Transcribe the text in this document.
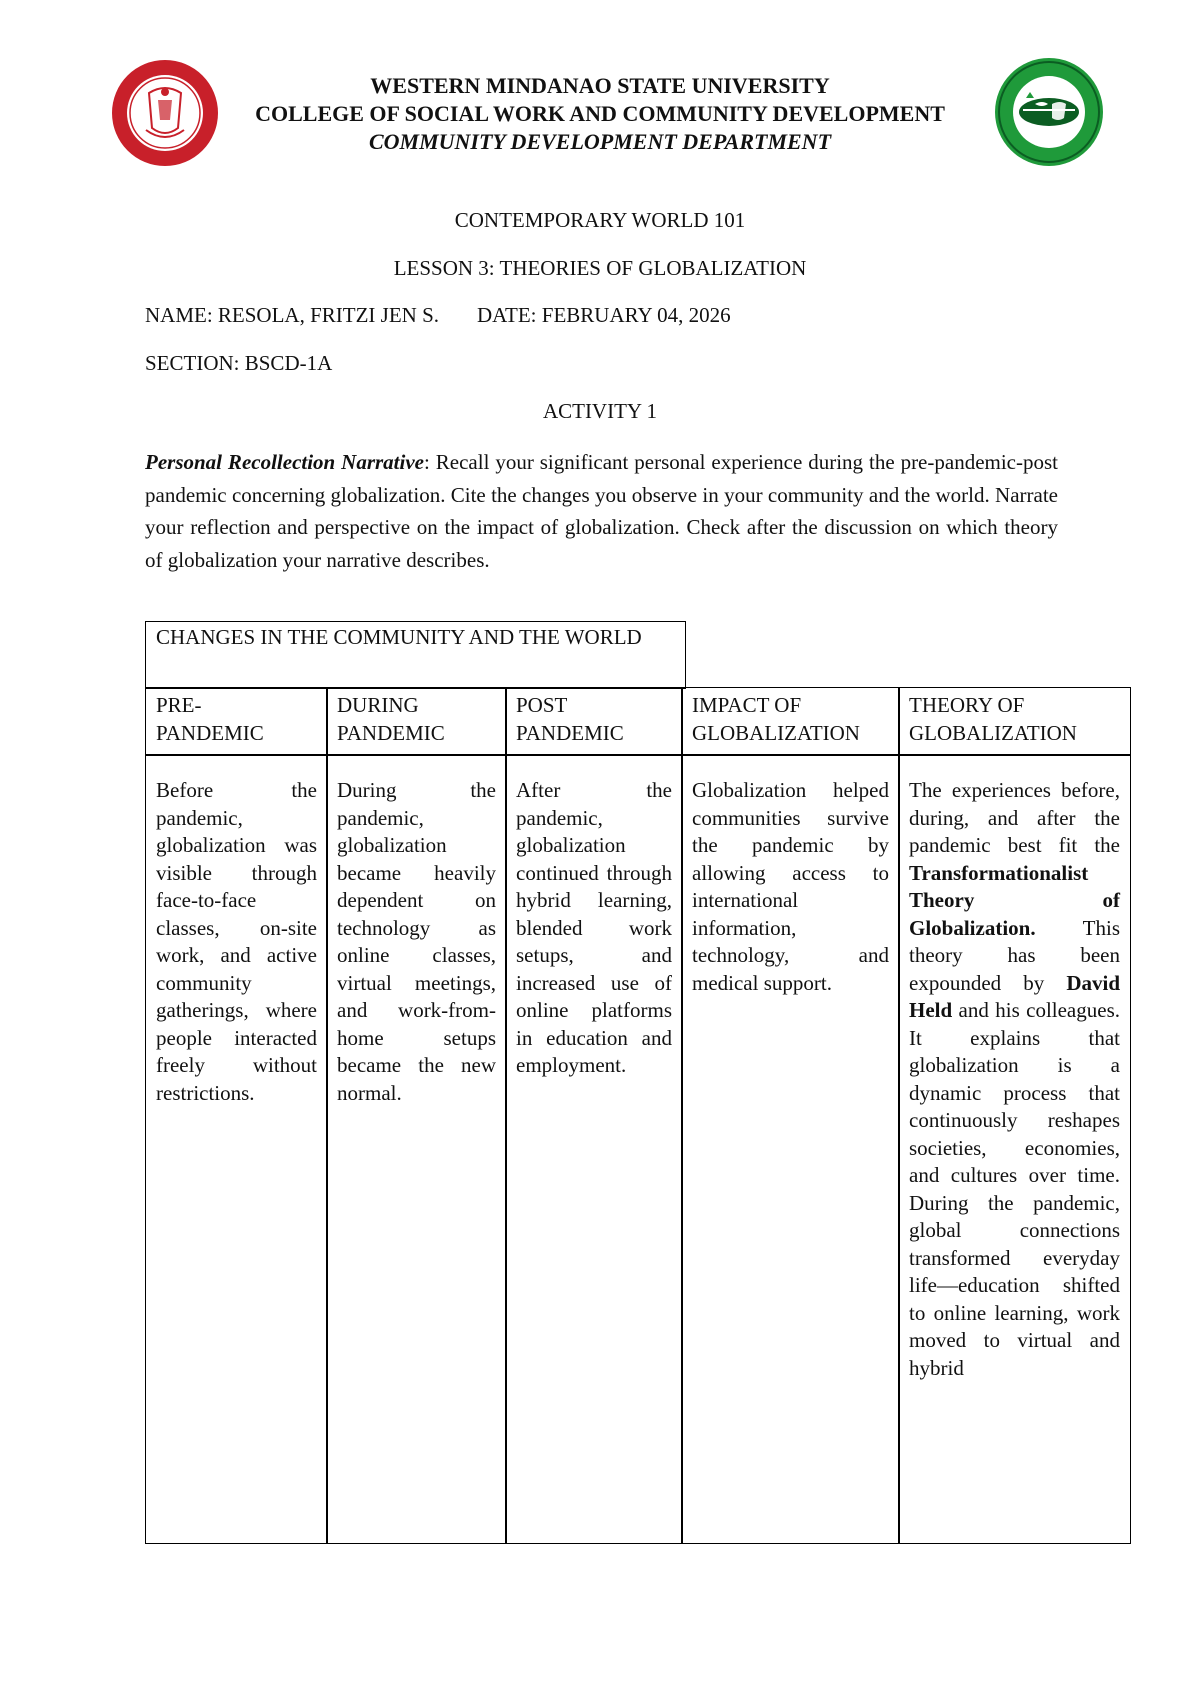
WESTERN MINDANAO STATE UNIVERSITY
COLLEGE OF SOCIAL WORK AND COMMUNITY DEVELOPMENT
COMMUNITY DEVELOPMENT DEPARTMENT
CONTEMPORARY WORLD 101
LESSON 3: THEORIES OF GLOBALIZATION
NAME: RESOLA, FRITZI JEN S. DATE: FEBRUARY 04, 2026
SECTION: BSCD-1A
ACTIVITY 1
Personal Recollection Narrative: Recall your significant personal experience during the pre-pandemic-post pandemic concerning globalization. Cite the changes you observe in your community and the world. Narrate your reflection and perspective on the impact of globalization. Check after the discussion on which theory of globalization your narrative describes.
CHANGES IN THE COMMUNITY AND THE WORLD
PRE-
PANDEMIC
DURING
PANDEMIC
POST
PANDEMIC
IMPACT OF
GLOBALIZATION
THEORY OF
GLOBALIZATION
Before the pandemic, globalization was visible through face-to-face classes, on-site work, and active community gatherings, where people interacted freely without restrictions.
During the pandemic, globalization became heavily dependent on technology as online classes, virtual meetings, and work-from-home setups became the new normal.
After the pandemic, globalization continued through hybrid learning, blended work setups, and increased use of online platforms in education and employment.
Globalization helped communities survive the pandemic by allowing access to international information, technology, and medical support.
The experiences before, during, and after the pandemic best fit the Transformationalist Theory of Globalization. This theory has been expounded by David Held and his colleagues. It explains that globalization is a dynamic process that continuously reshapes societies, economies, and cultures over time. During the pandemic, global connections transformed everyday life—education shifted to online learning, work moved to virtual and hybrid
